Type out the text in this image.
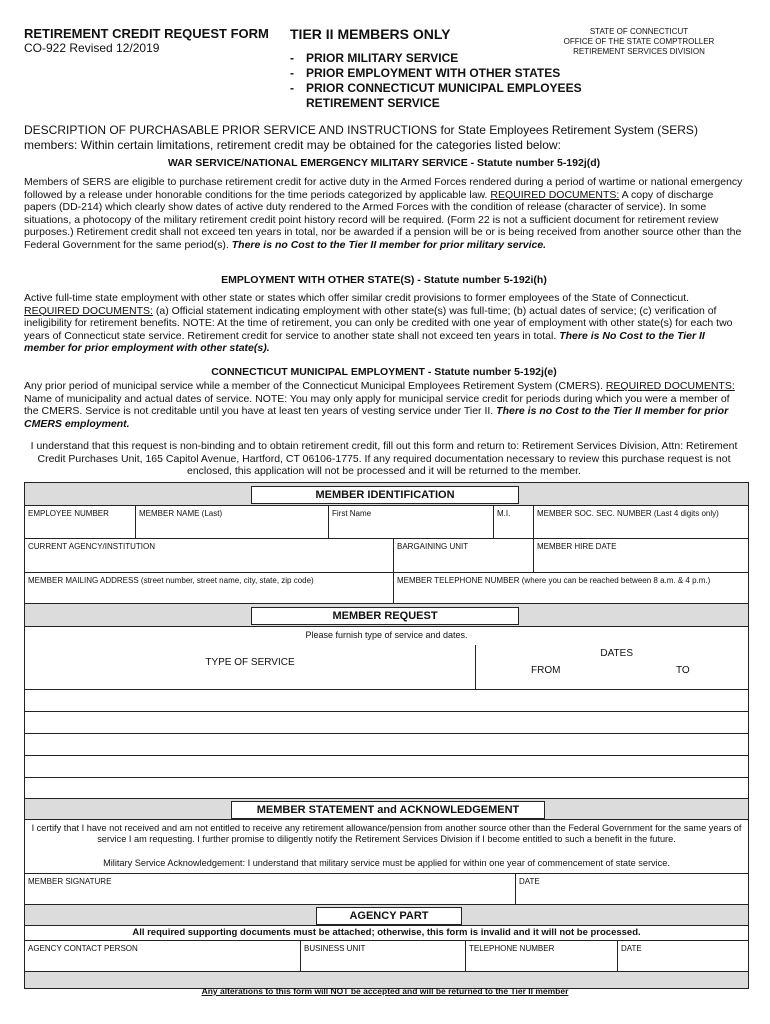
RETIREMENT CREDIT REQUEST FORM
CO-922 Revised 12/2019
TIER II MEMBERS ONLY
- PRIOR MILITARY SERVICE
- PRIOR EMPLOYMENT WITH OTHER STATES
- PRIOR CONNECTICUT MUNICIPAL EMPLOYEES RETIREMENT SERVICE
STATE OF CONNECTICUT
OFFICE OF THE STATE COMPTROLLER
RETIREMENT SERVICES DIVISION
DESCRIPTION OF PURCHASABLE PRIOR SERVICE AND INSTRUCTIONS for State Employees Retirement System (SERS) members: Within certain limitations, retirement credit may be obtained for the categories listed below:
WAR SERVICE/NATIONAL EMERGENCY MILITARY SERVICE - Statute number 5-192j(d)
Members of SERS are eligible to purchase retirement credit for active duty in the Armed Forces rendered during a period of wartime or national emergency followed by a release under honorable conditions for the time periods categorized by applicable law. REQUIRED DOCUMENTS: A copy of discharge papers (DD-214) which clearly show dates of active duty rendered to the Armed Forces with the condition of release (character of service). In some situations, a photocopy of the military retirement credit point history record will be required. (Form 22 is not a sufficient document for retirement review purposes.) Retirement credit shall not exceed ten years in total, nor be awarded if a pension will be or is being received from another source other than the Federal Government for the same period(s). There is no Cost to the Tier II member for prior military service.
EMPLOYMENT WITH OTHER STATE(S) - Statute number 5-192i(h)
Active full-time state employment with other state or states which offer similar credit provisions to former employees of the State of Connecticut. REQUIRED DOCUMENTS: (a) Official statement indicating employment with other state(s) was full-time; (b) actual dates of service; (c) verification of ineligibility for retirement benefits. NOTE: At the time of retirement, you can only be credited with one year of employment with other state(s) for each two years of Connecticut state service. Retirement credit for service to another state shall not exceed ten years in total. There is No Cost to the Tier II member for prior employment with other state(s).
CONNECTICUT MUNICIPAL EMPLOYMENT - Statute number 5-192j(e)
Any prior period of municipal service while a member of the Connecticut Municipal Employees Retirement System (CMERS). REQUIRED DOCUMENTS: Name of municipality and actual dates of service. NOTE: You may only apply for municipal service credit for periods during which you were a member of the CMERS. Service is not creditable until you have at least ten years of vesting service under Tier II. There is no Cost to the Tier II member for prior CMERS employment.
I understand that this request is non-binding and to obtain retirement credit, fill out this form and return to: Retirement Services Division, Attn: Retirement Credit Purchases Unit, 165 Capitol Avenue, Hartford, CT 06106-1775. If any required documentation necessary to review this purchase request is not enclosed, this application will not be processed and it will be returned to the member.
MEMBER IDENTIFICATION
EMPLOYEE NUMBER	MEMBER NAME (Last)	First Name	M.I.	MEMBER SOC. SEC. NUMBER (Last 4 digits only)
CURRENT AGENCY/INSTITUTION	BARGAINING UNIT	MEMBER HIRE DATE
MEMBER MAILING ADDRESS (street number, street name, city, state, zip code)	MEMBER TELEPHONE NUMBER (where you can be reached between 8 a.m. & 4 p.m.)
MEMBER REQUEST
Please furnish type of service and dates.
TYPE OF SERVICE
DATES
FROM	TO
MEMBER STATEMENT and ACKNOWLEDGEMENT
I certify that I have not received and am not entitled to receive any retirement allowance/pension from another source other than the Federal Government for the same years of service I am requesting. I further promise to diligently notify the Retirement Services Division if I become entitled to such a benefit in the future.
Military Service Acknowledgement: I understand that military service must be applied for within one year of commencement of state service.
MEMBER SIGNATURE	DATE
AGENCY PART
All required supporting documents must be attached; otherwise, this form is invalid and it will not be processed.
AGENCY CONTACT PERSON	BUSINESS UNIT	TELEPHONE NUMBER	DATE
Any alterations to this form will NOT be accepted and will be returned to the Tier II member
